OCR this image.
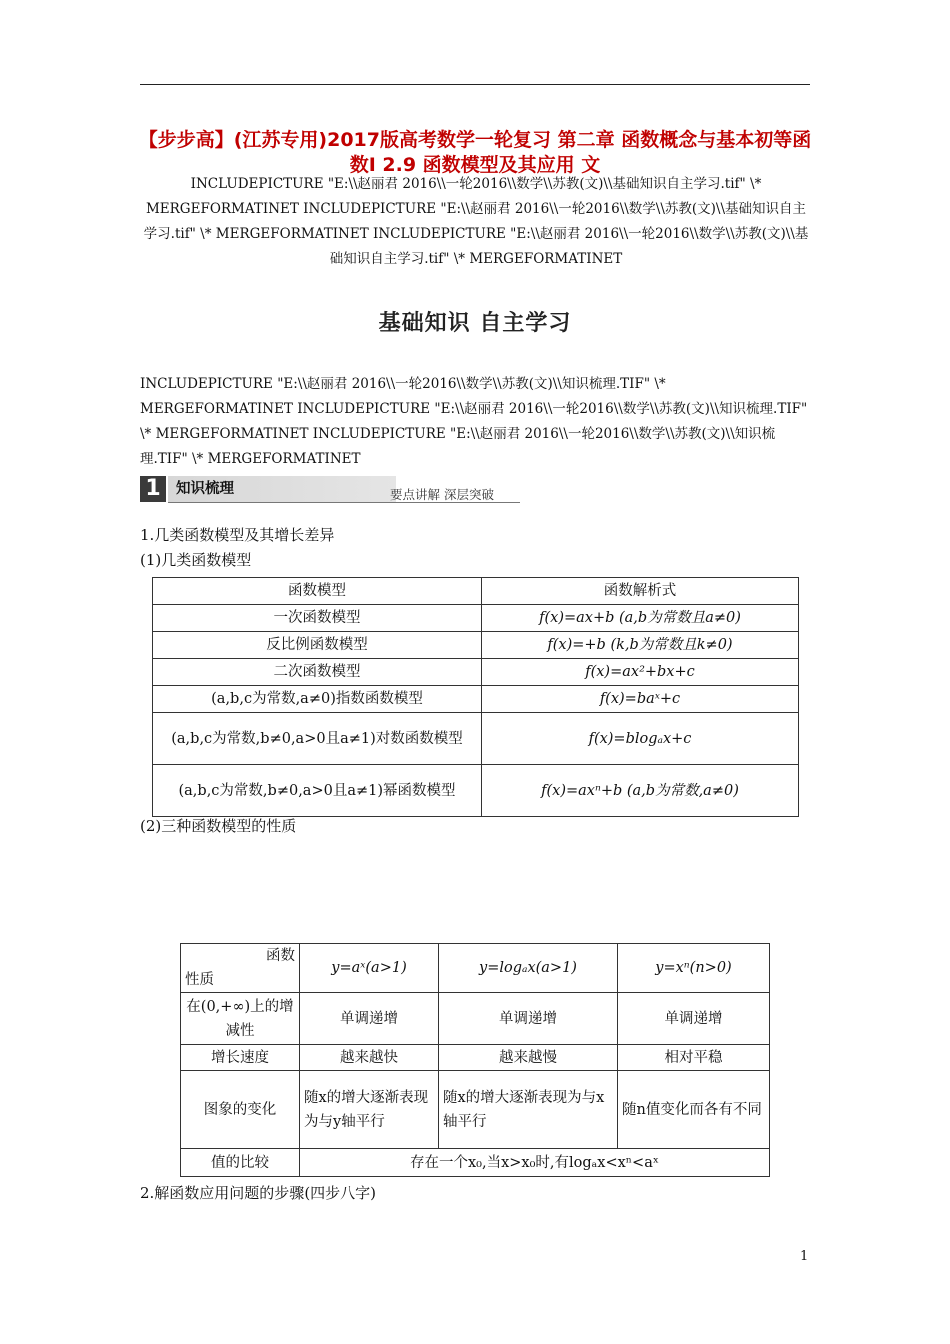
【步步高】(江苏专用)2017版高考数学一轮复习 第二章 函数概念与基本初等函数Ⅰ 2.9 函数模型及其应用 文
INCLUDEPICTURE "E:\\赵丽君 2016\\一轮2016\\数学\\苏教(文)\\基础知识自主学习.tif" \* MERGEFORMATINET INCLUDEPICTURE "E:\\赵丽君 2016\\一轮2016\\数学\\苏教(文)\\基础知识自主学习.tif" \* MERGEFORMATINET INCLUDEPICTURE "E:\\赵丽君 2016\\一轮2016\\数学\\苏教(文)\\基础知识自主学习.tif" \* MERGEFORMATINET
基础知识 自主学习
INCLUDEPICTURE "E:\\赵丽君 2016\\一轮2016\\数学\\苏教(文)\\知识梳理.TIF" \* MERGEFORMATINET INCLUDEPICTURE "E:\\赵丽君 2016\\一轮2016\\数学\\苏教(文)\\知识梳理.TIF" \* MERGEFORMATINET INCLUDEPICTURE "E:\\赵丽君 2016\\一轮2016\\数学\\苏教(文)\\知识梳理.TIF" \* MERGEFORMATINET
1	知识梳理	要点讲解 深层突破
1.几类函数模型及其增长差异
(1)几类函数模型
函数模型	函数解析式
一次函数模型	f(x)=ax+b (a,b为常数且a≠0)
反比例函数模型	f(x)=+b (k,b为常数且k≠0)
二次函数模型	f(x)=ax²+bx+c
(a,b,c为常数,a≠0)指数函数模型	f(x)=baˣ+c
(a,b,c为常数,b≠0,a>0且a≠1)对数函数模型	f(x)=blogₐx+c
(a,b,c为常数,b≠0,a>0且a≠1)幂函数模型	f(x)=axⁿ+b (a,b为常数,a≠0)
(2)三种函数模型的性质
函数
性质	y=aˣ(a>1)	y=logₐx(a>1)	y=xⁿ(n>0)
在(0,+∞)上的增减性	单调递增	单调递增	单调递增
增长速度	越来越快	越来越慢	相对平稳
图象的变化	随x的增大逐渐表现为与y轴平行	随x的增大逐渐表现为与x轴平行	随n值变化而各有不同
值的比较	存在一个x₀,当x>x₀时,有logₐx<xⁿ<aˣ		
2.解函数应用问题的步骤(四步八字)
1
